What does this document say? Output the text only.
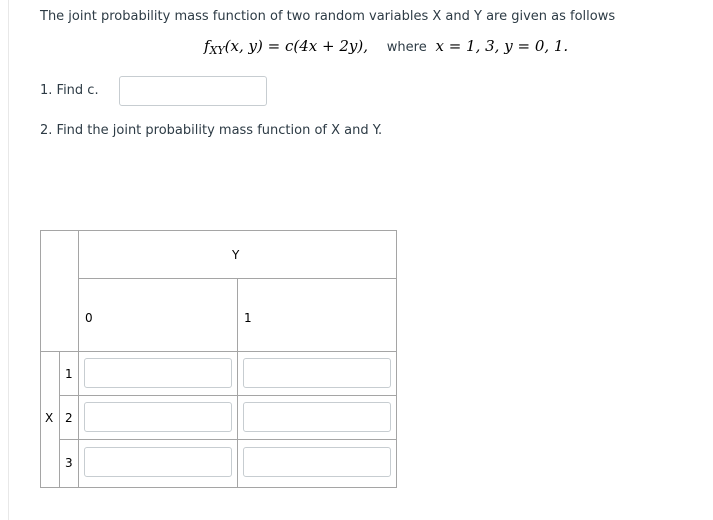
The joint probability mass function of two random variables X and Y are given as follows
$f_{XY}(x$, y) = c(4x + 2y), where x = 1, 3, y = 0, 1.
1. Find c.
2. Find the joint probability mass function of X and Y.
Y
0	1
X
1
2
3
